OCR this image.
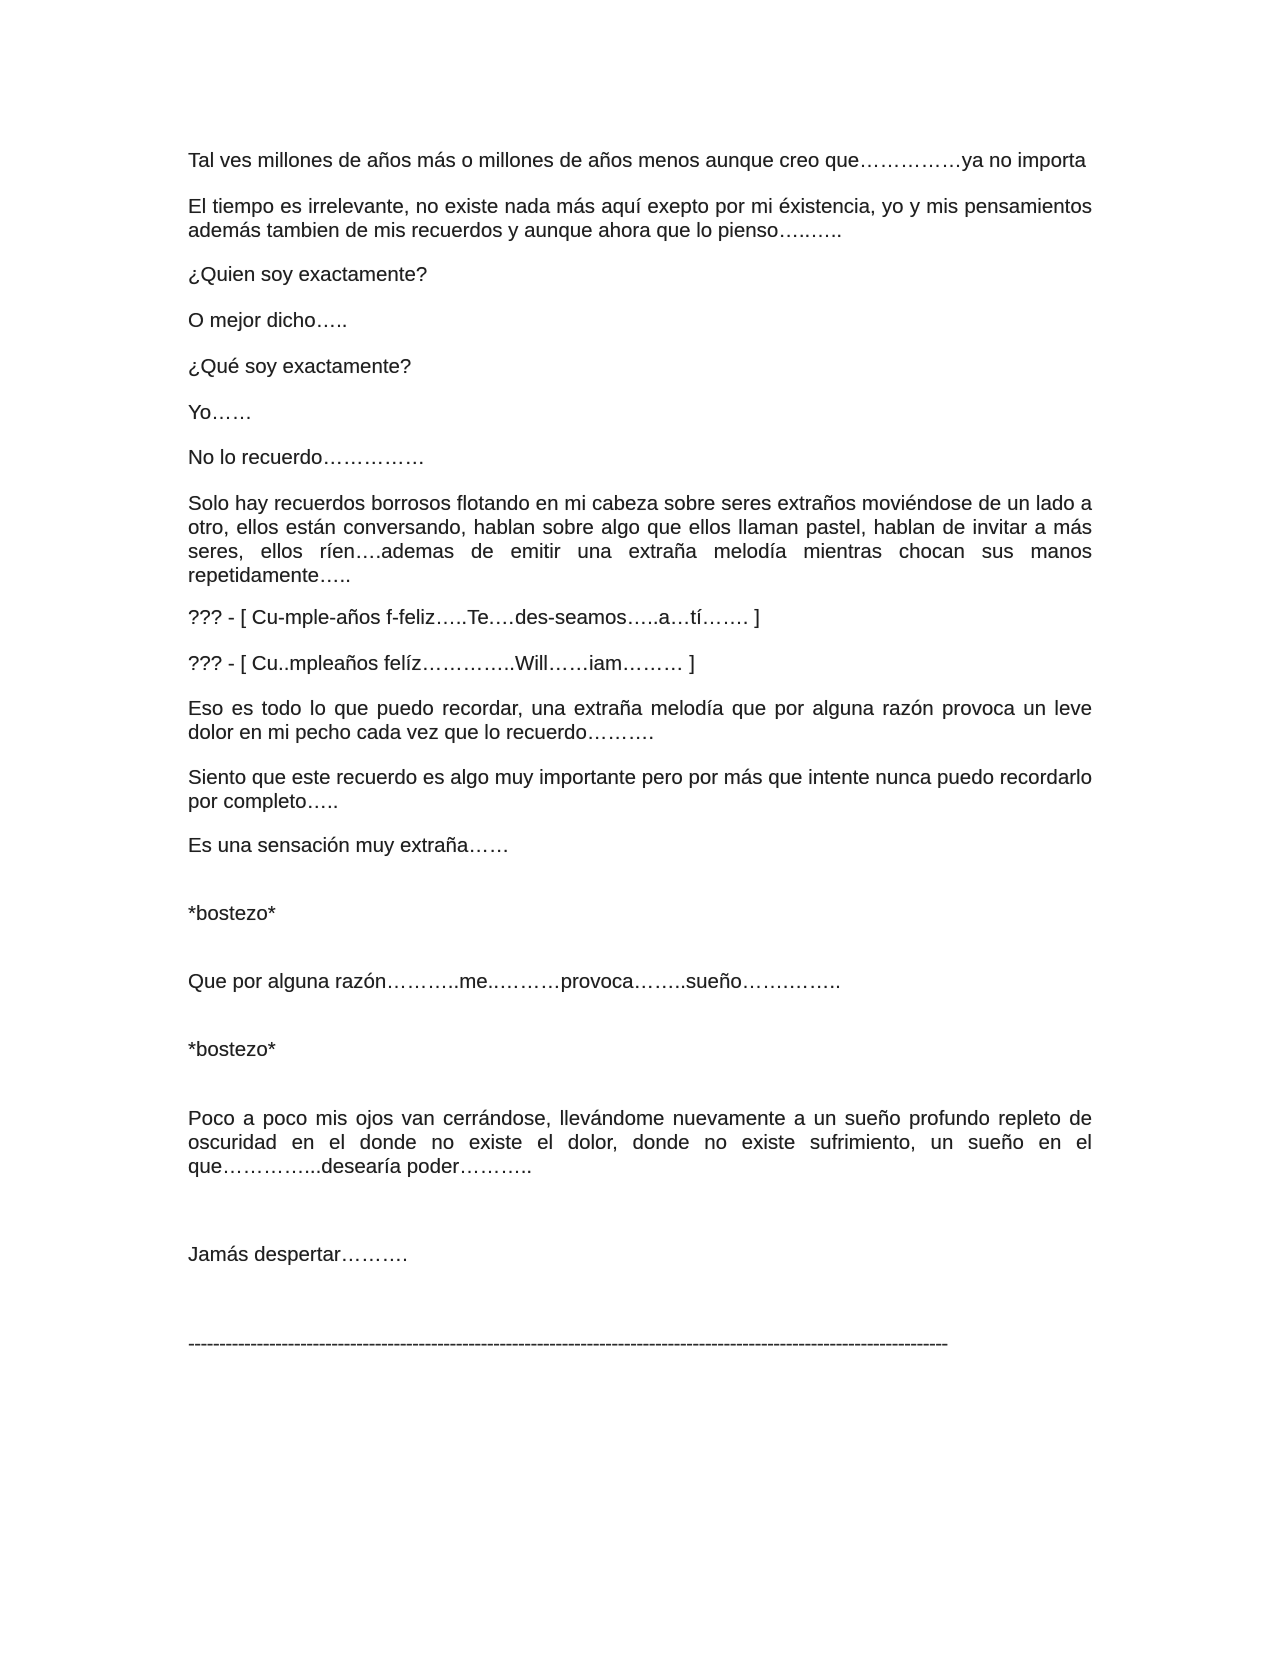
Tal ves millones de años más o millones de años menos aunque creo que……………ya no importa

El tiempo es irrelevante, no existe nada más aquí exepto por mi éxistencia, yo y mis pensamientos además tambien de mis recuerdos y aunque ahora que lo pienso…..…..

¿Quien soy exactamente?

O mejor dicho…..

¿Qué soy exactamente?

Yo……

No lo recuerdo……………

Solo hay recuerdos borrosos flotando en mi cabeza sobre seres extraños moviéndose de un lado a otro, ellos están conversando, hablan sobre algo que ellos llaman pastel, hablan de invitar a más seres, ellos ríen….ademas de emitir una extraña melodía mientras chocan sus manos repetidamente…..

??? - [ Cu-mple-años f-feliz…..Te.…des-seamos…..a…tí……. ]

??? - [ Cu..mpleaños felíz…………..Will……iam……… ]

Eso es todo lo que puedo recordar, una extraña melodía que por alguna razón provoca un leve dolor en mi pecho cada vez que lo recuerdo……….

Siento que este recuerdo es algo muy importante pero por más que intente nunca puedo recordarlo por completo…..

Es una sensación muy extraña……

*bostezo*

Que por alguna razón………..me..………provoca……..sueño…….……..

*bostezo*

Poco a poco mis ojos van cerrándose, llevándome nuevamente a un sueño profundo repleto de oscuridad en el donde no existe el dolor, donde no existe sufrimiento, un sueño en el que…………...desearía poder………..

Jamás despertar……….

--------------------------------------------------------------------------------------------------------------------------
